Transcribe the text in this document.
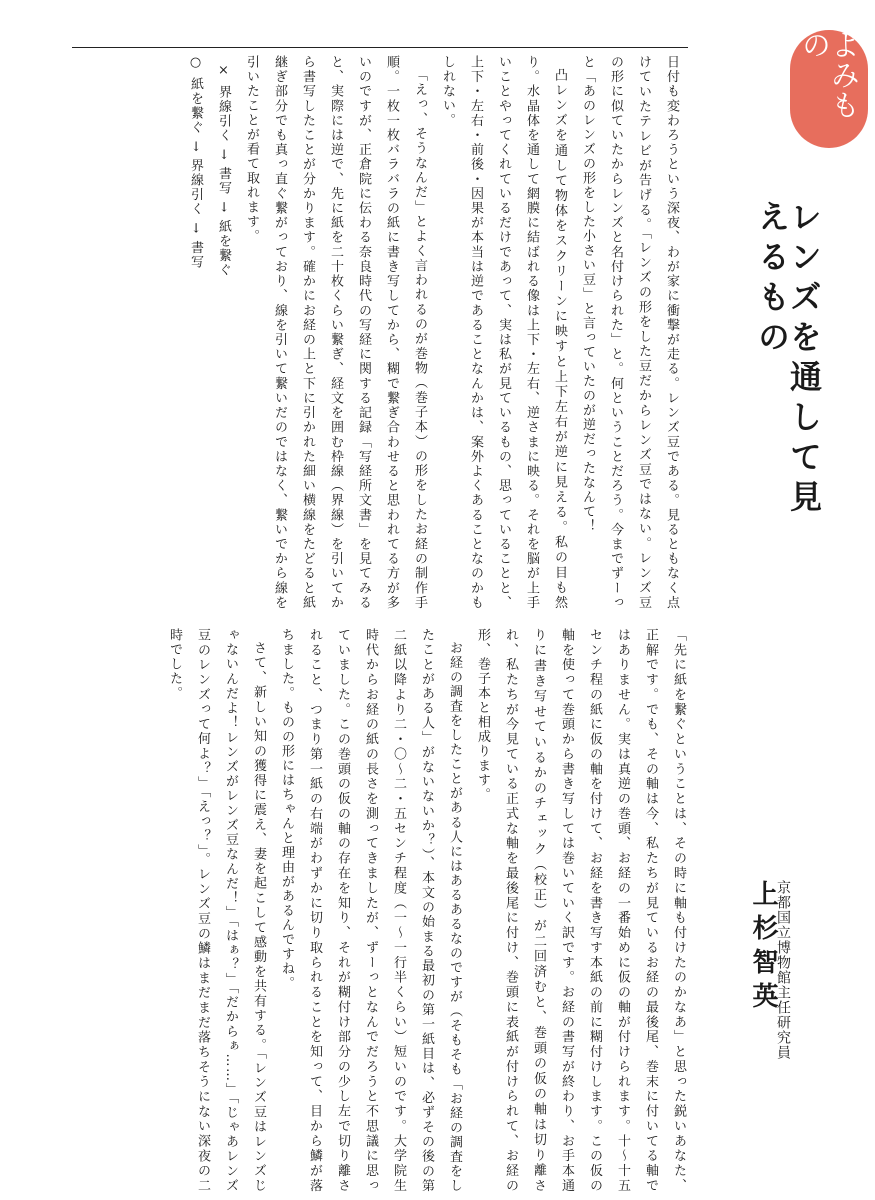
よみもの
レンズを通して見えるもの
京都国立博物館主任研究員
上杉智英

日付も変わろうという深夜、わが家に衝撃が走る。レンズ豆である。見るともなく点けていたテレビが告げる。「レンズの形をした豆だからレンズ豆ではない。レンズ豆の形に似ていたからレンズと名付けられた」と。何ということだろう。今までずーっと「あのレンズの形をした小さい豆」と言っていたのが逆だったなんて！

凸レンズを通して物体をスクリーンに映すと上下左右が逆に見える。私の目も然り。水晶体を通して網膜に結ばれる像は上下・左右、逆さまに映る。それを脳が上手いことやってくれているだけであって、実は私が見ているもの、思っていることと、上下・左右・前後・因果が本当は逆であることなんかは、案外よくあることなのかもしれない。

「えっ、そうなんだ」とよく言われるのが巻物（巻子本）の形をしたお経の制作手順。一枚一枚バラバラの紙に書き写してから、糊で繋ぎ合わせると思われてる方が多いのですが、正倉院に伝わる奈良時代の写経に関する記録「写経所文書」を見てみると、実際には逆で、先に紙を二十枚くらい繋ぎ、経文を囲む枠線（界線）を引いてから書写したことが分かります。確かにお経の上と下に引かれた細い横線をたどると紙継ぎ部分でも真っ直ぐ繋がっており、線を引いて繋いだのではなく、繋いでから線を引いたことが看て取れます。

× 界線引く → 書写 → 紙を繋ぐ

○ 紙を繋ぐ → 界線引く → 書写

「先に紙を繋ぐということは、その時に軸も付けたのかなあ」と思った鋭いあなた、正解です。でも、その軸は今、私たちが見ているお経の最後尾、巻末に付いてる軸ではありません。実は真逆の巻頭、お経の一番始めに仮の軸が付けられます。十〜十五センチ程の紙に仮の軸を付けて、お経を書き写す本紙の前に糊付けします。この仮の軸を使って巻頭から書き写しては巻いていく訳です。お経の書写が終わり、お手本通りに書き写せているかのチェック（校正）が二回済むと、巻頭の仮の軸は切り離され、私たちが今見ている正式な軸を最後尾に付け、巻頭に表紙が付けられて、お経の形、巻子本と相成ります。

お経の調査をしたことがある人にはあるあるなのですが（そもそも「お経の調査をしたことがある人」がないないか？）、本文の始まる最初の第一紙目は、必ずその後の第二紙以降より二・〇〜二・五センチ程度（一〜一行半くらい）短いのです。大学院生時代からお経の紙の長さを測ってきましたが、ずーっとなんでだろうと不思議に思っていました。この巻頭の仮の軸の存在を知り、それが糊付け部分の少し左で切り離されること、つまり第一紙の右端がわずかに切り取られることを知って、目から鱗が落ちました。ものの形にはちゃんと理由があるんですね。

さて、新しい知の獲得に震え、妻を起こして感動を共有する。「レンズ豆はレンズじゃないんだよ！レンズがレンズ豆なんだ！」「はぁ？」「だからぁ……」「じゃあレンズ豆のレンズって何よ？」「えっ？」。レンズ豆の鱗はまだまだ落ちそうにない深夜の二時でした。
